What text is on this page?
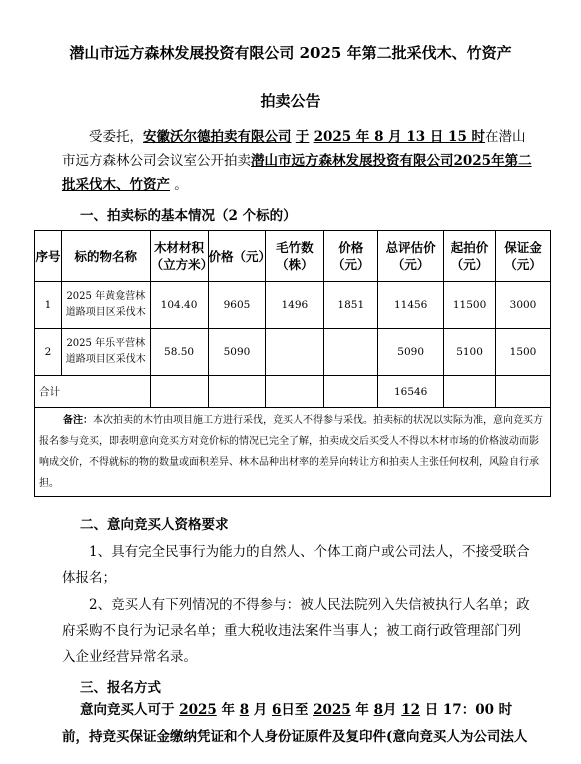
潜山市远方森林发展投资有限公司 2025 年第二批采伐木、竹资产
拍卖公告
受委托，安徽沃尔德拍卖有限公司 于 2025 年 8 月 13 日 15 时在潜山市远方森林公司会议室公开拍卖潜山市远方森林发展投资有限公司2025年第二批采伐木、竹资产 。
一、拍卖标的基本情况（2 个标的）
序号	标的物名称	木材材积（立方米）	价格（元）	毛竹数（株）	价格（元）	总评估价（元）	起拍价（元）	保证金（元）
1	2025 年黄龛营林道路项目区采伐木	104.40	9605	1496	1851	11456	11500	3000
2	2025 年乐平营林道路项目区采伐木	58.50	5090			5090	5100	1500
合计						16546		
备注：本次拍卖的木竹由项目施工方进行采伐，竞买人不得参与采伐。拍卖标的状况以实际为准，意向竞买方报名参与竞买，即表明意向竞买方对竞价标的情况已完全了解，拍卖成交后买受人不得以木材市场的价格波动而影响成交价，不得就标的物的数量或面积差异、林木品种出材率的差异向转让方和拍卖人主张任何权利，风险自行承担。								
二、意向竞买人资格要求
1、具有完全民事行为能力的自然人、个体工商户或公司法人，不接受联合体报名；
2、竞买人有下列情况的不得参与：被人民法院列入失信被执行人名单；政府采购不良行为记录名单；重大税收违法案件当事人；被工商行政管理部门列入企业经营异常名录。
三、报名方式
意向竞买人可于 2025 年 8 月 6日至 2025 年 8月 12 日 17：00 时
前，持竞买保证金缴纳凭证和个人身份证原件及复印件(意向竞买人为公司法人
